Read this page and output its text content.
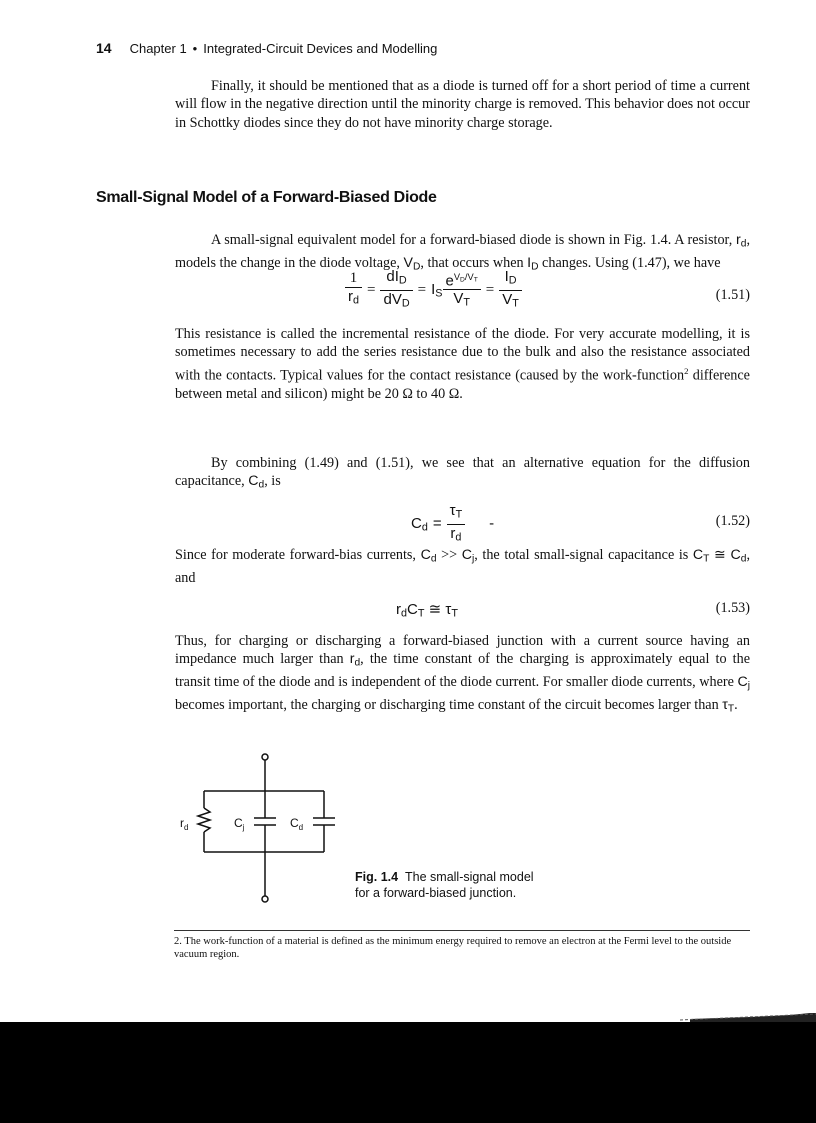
14 Chapter 1 • Integrated-Circuit Devices and Modelling

Finally, it should be mentioned that as a diode is turned off for a short period of time a current will flow in the negative direction until the minority charge is removed. This behavior does not occur in Schottky diodes since they do not have minority charge storage.

Small-Signal Model of a Forward-Biased Diode

A small-signal equivalent model for a forward-biased diode is shown in Fig. 1.4. A resistor, $r_d$, models the change in the diode voltage, $V_D$, that occurs when $I_D$ changes. Using (1.47), we have

$\frac{1}{r_d} = \frac{dI_D}{dV_D} = I_S \frac{e^{V_D/V_T}}{V_T} = \frac{I_D}{V_T}$	(1.51)

This resistance is called the incremental resistance of the diode. For very accurate modelling, it is sometimes necessary to add the series resistance due to the bulk and also the resistance associated with the contacts. Typical values for the contact resistance (caused by the work-function$^2$ difference between metal and silicon) might be 20 Ω to 40 Ω.

By combining (1.49) and (1.51), we see that an alternative equation for the diffusion capacitance, $C_d$, is

$C_d = \frac{\tau_T}{r_d}$ -	(1.52)

Since for moderate forward-bias currents, $C_d >> C_j$, the total small-signal capacitance is $C_T$ ≅ $C_d$, and

$r_dC_T$ ≅ $\tau_T$	(1.53)

Thus, for charging or discharging a forward-biased junction with a current source having an impedance much larger than $r_d$, the time constant of the charging is approximately equal to the transit time of the diode and is independent of the diode current. For smaller diode currents, where $C_j$ becomes important, the charging or discharging time constant of the circuit becomes larger than $\tau_T$.

$r_d$	$C_j$	$C_d$
Fig. 1.4 The small-signal model
for a forward-biased junction.
2. The work-function of a material is defined as the minimum energy required to remove an electron at the Fermi level to the outside vacuum region.
